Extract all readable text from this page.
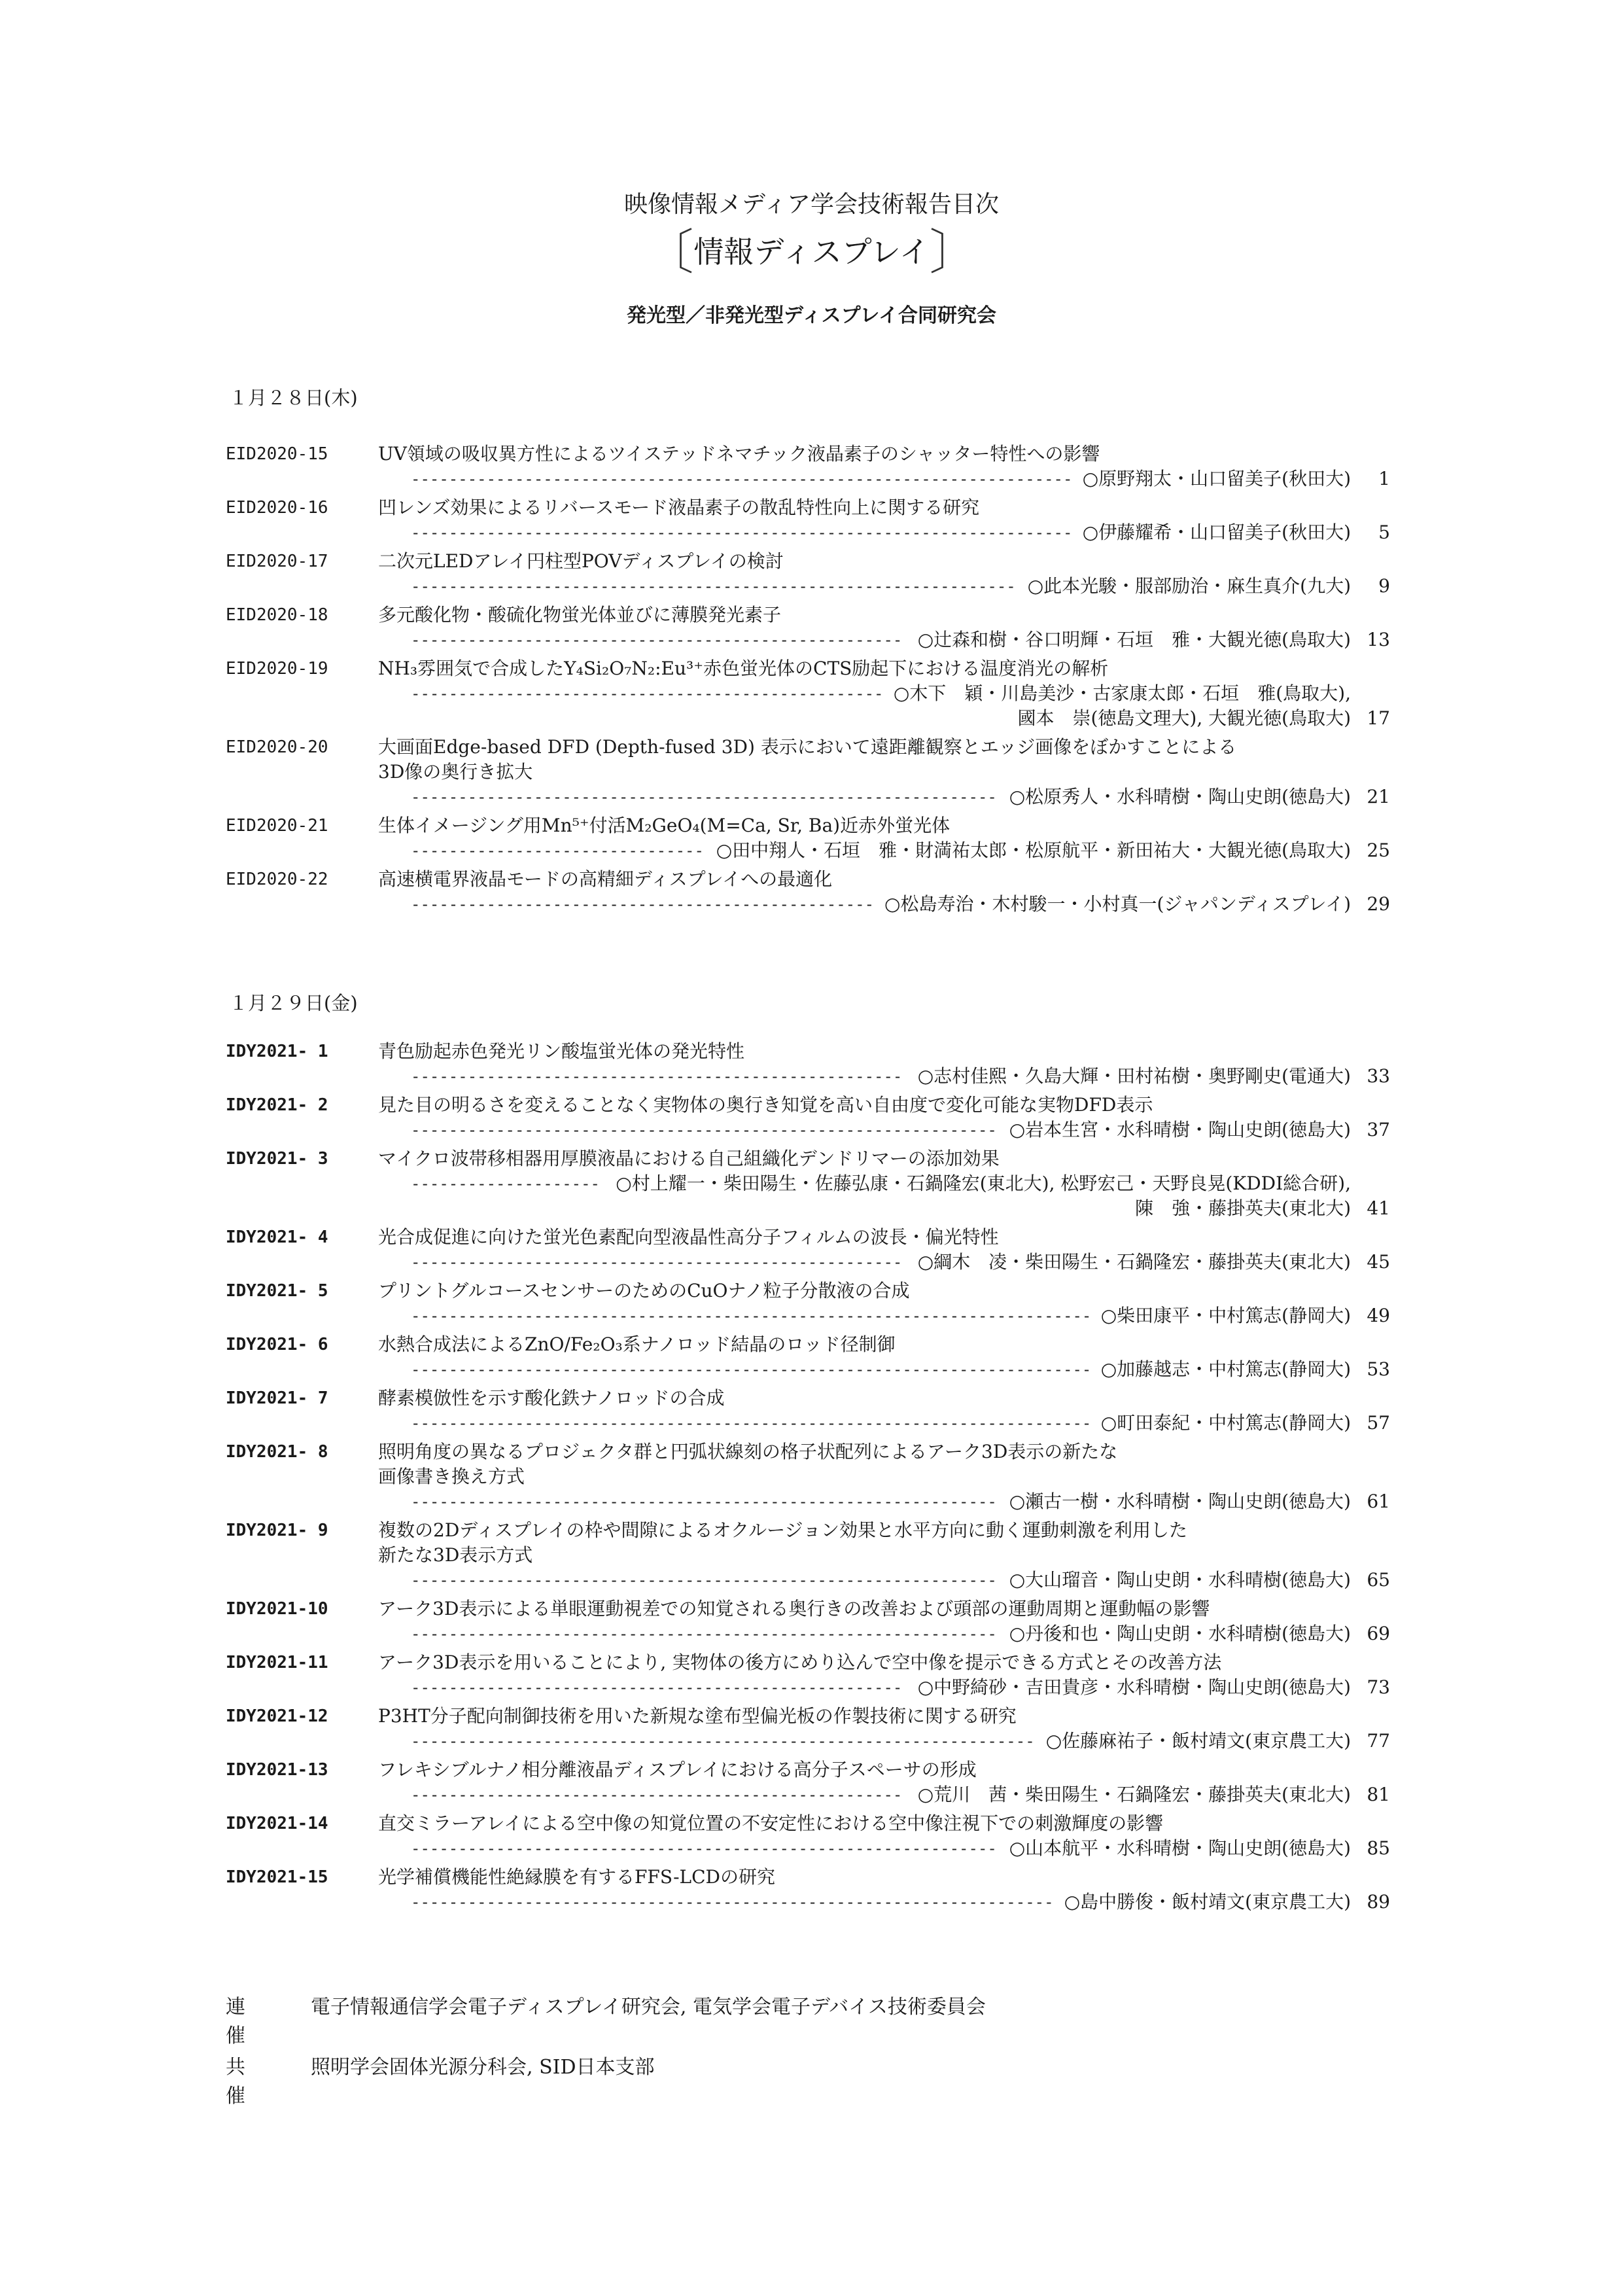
映像情報メディア学会技術報告目次
〔情報ディスプレイ〕
発光型／非発光型ディスプレイ合同研究会
１月２８日(木)
EID2020-15	UV領域の吸収異方性によるツイステッドネマチック液晶素子のシャッター特性への影響
---------------------------------------------------------------------- ○原野翔太・山口留美子(秋田大)	1
EID2020-16	凹レンズ効果によるリバースモード液晶素子の散乱特性向上に関する研究
---------------------------------------------------------------------- ○伊藤耀希・山口留美子(秋田大)	5
EID2020-17	二次元LEDアレイ円柱型POVディスプレイの検討
---------------------------------------------------------------- ○此本光駿・服部励治・麻生真介(九大)	9
EID2020-18	多元酸化物・酸硫化物蛍光体並びに薄膜発光素子
---------------------------------------------------- ○辻森和樹・谷口明輝・石垣　雅・大観光徳(鳥取大) 13
EID2020-19	NH₃雰囲気で合成したY₄Si₂O₇N₂:Eu³⁺赤色蛍光体のCTS励起下における温度消光の解析
-------------------------------------------------- ○木下　穎・川島美沙・古家康太郎・石垣　雅(鳥取大),
國本　崇(徳島文理大), 大観光徳(鳥取大) 17
EID2020-20	大画面Edge-based DFD (Depth-fused 3D) 表示において遠距離観察とエッジ画像をぼかすことによる
3D像の奥行き拡大
-------------------------------------------------------------- ○松原秀人・水科晴樹・陶山史朗(徳島大) 21
EID2020-21	生体イメージング用Mn⁵⁺付活M₂GeO₄(M=Ca, Sr, Ba)近赤外蛍光体
------------------------------- ○田中翔人・石垣　雅・財満祐太郎・松原航平・新田祐大・大観光徳(鳥取大) 25
EID2020-22	高速横電界液晶モードの高精細ディスプレイへの最適化
------------------------------------------------- ○松島寿治・木村駿一・小村真一(ジャパンディスプレイ) 29
１月２９日(金)
IDY2021- 1	青色励起赤色発光リン酸塩蛍光体の発光特性
---------------------------------------------------- ○志村佳熙・久島大輝・田村祐樹・奥野剛史(電通大) 33
IDY2021- 2	見た目の明るさを変えることなく実物体の奥行き知覚を高い自由度で変化可能な実物DFD表示
-------------------------------------------------------------- ○岩本生宮・水科晴樹・陶山史朗(徳島大) 37
IDY2021- 3	マイクロ波帯移相器用厚膜液晶における自己組織化デンドリマーの添加効果
-------------------- ○村上耀一・柴田陽生・佐藤弘康・石鍋隆宏(東北大), 松野宏己・天野良晃(KDDI総合研),
陳　強・藤掛英夫(東北大) 41
IDY2021- 4	光合成促進に向けた蛍光色素配向型液晶性高分子フィルムの波長・偏光特性
---------------------------------------------------- ○綱木　凌・柴田陽生・石鍋隆宏・藤掛英夫(東北大) 45
IDY2021- 5	プリントグルコースセンサーのためのCuOナノ粒子分散液の合成
------------------------------------------------------------------------ ○柴田康平・中村篤志(静岡大) 49
IDY2021- 6	水熱合成法によるZnO/Fe₂O₃系ナノロッド結晶のロッド径制御
------------------------------------------------------------------------ ○加藤越志・中村篤志(静岡大) 53
IDY2021- 7	酵素模倣性を示す酸化鉄ナノロッドの合成
------------------------------------------------------------------------ ○町田泰紀・中村篤志(静岡大) 57
IDY2021- 8	照明角度の異なるプロジェクタ群と円弧状線刻の格子状配列によるアーク3D表示の新たな
画像書き換え方式
-------------------------------------------------------------- ○瀬古一樹・水科晴樹・陶山史朗(徳島大) 61
IDY2021- 9	複数の2Dディスプレイの枠や間隙によるオクルージョン効果と水平方向に動く運動刺激を利用した
新たな3D表示方式
-------------------------------------------------------------- ○大山瑠音・陶山史朗・水科晴樹(徳島大) 65
IDY2021-10	アーク3D表示による単眼運動視差での知覚される奥行きの改善および頭部の運動周期と運動幅の影響
-------------------------------------------------------------- ○丹後和也・陶山史朗・水科晴樹(徳島大) 69
IDY2021-11	アーク3D表示を用いることにより, 実物体の後方にめり込んで空中像を提示できる方式とその改善方法
---------------------------------------------------- ○中野綺砂・吉田貴彦・水科晴樹・陶山史朗(徳島大) 73
IDY2021-12	P3HT分子配向制御技術を用いた新規な塗布型偏光板の作製技術に関する研究
------------------------------------------------------------------ ○佐藤麻祐子・飯村靖文(東京農工大) 77
IDY2021-13	フレキシブルナノ相分離液晶ディスプレイにおける高分子スペーサの形成
---------------------------------------------------- ○荒川　茜・柴田陽生・石鍋隆宏・藤掛英夫(東北大) 81
IDY2021-14	直交ミラーアレイによる空中像の知覚位置の不安定性における空中像注視下での刺激輝度の影響
-------------------------------------------------------------- ○山本航平・水科晴樹・陶山史朗(徳島大) 85
IDY2021-15	光学補償機能性絶縁膜を有するFFS-LCDの研究
-------------------------------------------------------------------- ○島中勝俊・飯村靖文(東京農工大) 89
連催
電子情報通信学会電子ディスプレイ研究会, 電気学会電子デバイス技術委員会
共催
照明学会固体光源分科会, SID日本支部
